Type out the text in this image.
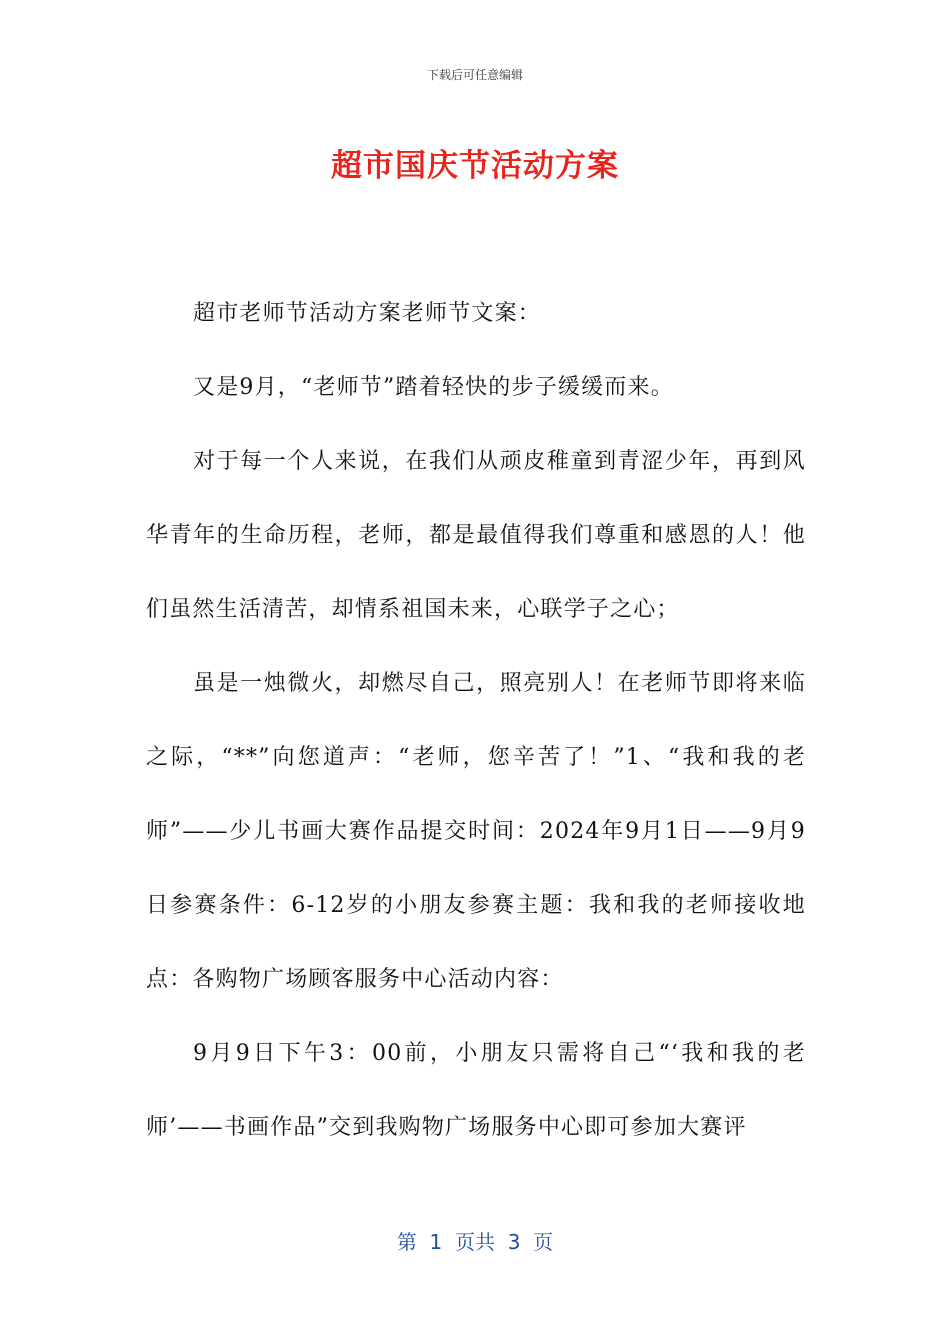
下载后可任意编辑
超市国庆节活动方案

超市老师节活动方案老师节文案：

又是9月，“老师节”踏着轻快的步子缓缓而来。

对于每一个人来说，在我们从顽皮稚童到青涩少年，再到风华青年的生命历程，老师，都是最值得我们尊重和感恩的人！他们虽然生活清苦，却情系祖国未来，心联学子之心；

虽是一烛微火，却燃尽自己，照亮别人！在老师节即将来临之际，“**”向您道声：“老师，您辛苦了！”1、“我和我的老师”——少儿书画大赛作品提交时间：2024年9月1日——9月9日参赛条件：6-12岁的小朋友参赛主题：我和我的老师接收地点：各购物广场顾客服务中心活动内容：

9月9日下午3：00前，小朋友只需将自己“‘我和我的老师’——书画作品”交到我购物广场服务中心即可参加大赛评

第  1  页共  3  页
